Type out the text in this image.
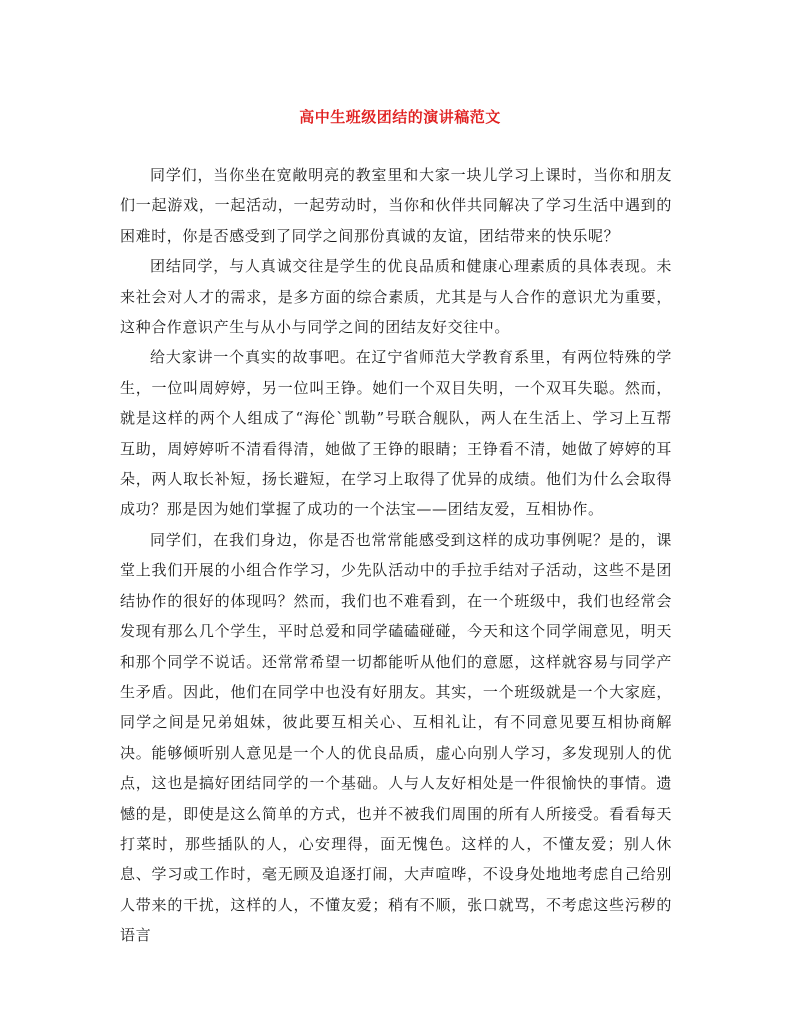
高中生班级团结的演讲稿范文

同学们，当你坐在宽敞明亮的教室里和大家一块儿学习上课时，当你和朋友们一起游戏，一起活动，一起劳动时，当你和伙伴共同解决了学习生活中遇到的困难时，你是否感受到了同学之间那份真诚的友谊，团结带来的快乐呢？

团结同学，与人真诚交往是学生的优良品质和健康心理素质的具体表现。未来社会对人才的需求，是多方面的综合素质，尤其是与人合作的意识尤为重要，这种合作意识产生与从小与同学之间的团结友好交往中。

给大家讲一个真实的故事吧。在辽宁省师范大学教育系里，有两位特殊的学生，一位叫周婷婷，另一位叫王铮。她们一个双目失明，一个双耳失聪。然而，就是这样的两个人组成了“海伦`凯勒”号联合舰队，两人在生活上、学习上互帮互助，周婷婷听不清看得清，她做了王铮的眼睛；王铮看不清，她做了婷婷的耳朵，两人取长补短，扬长避短，在学习上取得了优异的成绩。他们为什么会取得成功？那是因为她们掌握了成功的一个法宝——团结友爱，互相协作。

同学们，在我们身边，你是否也常常能感受到这样的成功事例呢？是的，课堂上我们开展的小组合作学习，少先队活动中的手拉手结对子活动，这些不是团结协作的很好的体现吗？然而，我们也不难看到，在一个班级中，我们也经常会发现有那么几个学生，平时总爱和同学磕磕碰碰，今天和这个同学闹意见，明天和那个同学不说话。还常常希望一切都能听从他们的意愿，这样就容易与同学产生矛盾。因此，他们在同学中也没有好朋友。其实，一个班级就是一个大家庭，同学之间是兄弟姐妹，彼此要互相关心、互相礼让，有不同意见要互相协商解决。能够倾听别人意见是一个人的优良品质，虚心向别人学习，多发现别人的优点，这也是搞好团结同学的一个基础。人与人友好相处是一件很愉快的事情。遗憾的是，即使是这么简单的方式，也并不被我们周围的所有人所接受。看看每天打菜时，那些插队的人，心安理得，面无愧色。这样的人，不懂友爱；别人休息、学习或工作时，毫无顾及追逐打闹，大声喧哗，不设身处地地考虑自己给别人带来的干扰，这样的人，不懂友爱；稍有不顺，张口就骂，不考虑这些污秽的语言
